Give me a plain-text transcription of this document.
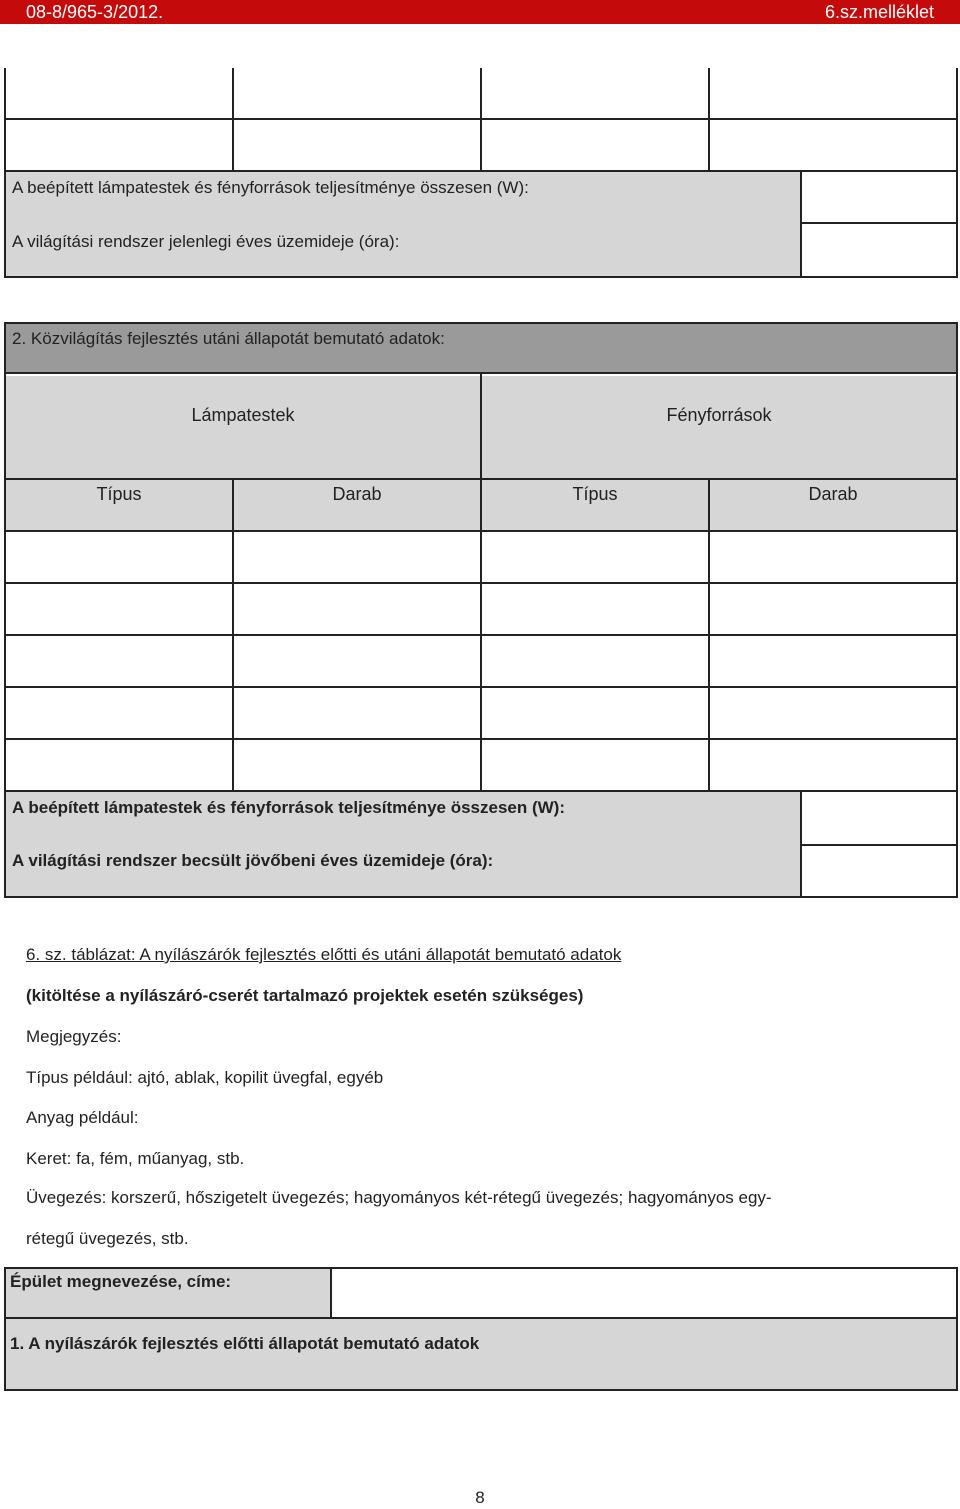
08-8/965-3/2012.	6.sz.melléklet
A beépített lámpatestek és fényforrások teljesítménye összesen (W):
A világítási rendszer jelenlegi éves üzemideje (óra):
2. Közvilágítás fejlesztés utáni állapotát bemutató adatok:
Lámpatestek	Fényforrások
Típus	Darab	Típus	Darab
A beépített lámpatestek és fényforrások teljesítménye összesen (W):
A világítási rendszer becsült jövőbeni éves üzemideje (óra):
6. sz. táblázat: A nyílászárók fejlesztés előtti és utáni állapotát bemutató adatok
(kitöltése a nyílászáró-cserét tartalmazó projektek esetén szükséges)
Megjegyzés:
Típus például: ajtó, ablak, kopilit üvegfal, egyéb
Anyag például:
Keret: fa, fém, műanyag, stb.
Üvegezés: korszerű, hőszigetelt üvegezés; hagyományos két-rétegű üvegezés; hagyományos egy-
rétegű üvegezés, stb.
Épület megnevezése, címe:
1. A nyílászárók fejlesztés előtti állapotát bemutató adatok
8
